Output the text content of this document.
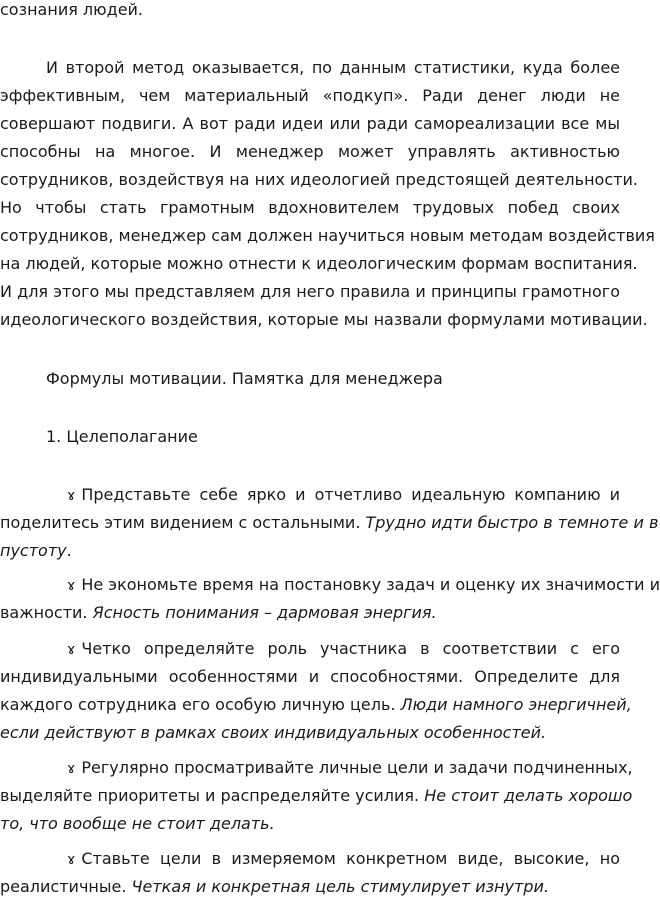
сознания людей.
И второй метод оказывается, по данным статистики, куда более
эффективным, чем материальный «подкуп». Ради денег люди не
совершают подвиги. А вот ради идеи или ради самореализации все мы
способны на многое. И менеджер может управлять активностью
сотрудников, воздействуя на них идеологией предстоящей деятельности.
Но чтобы стать грамотным вдохновителем трудовых побед своих
сотрудников, менеджер сам должен научиться новым методам воздействия
на людей, которые можно отнести к идеологическим формам воспитания.
И для этого мы представляем для него правила и принципы грамотного
идеологического воздействия, которые мы назвали формулами мотивации.
Формулы мотивации. Памятка для менеджера
1. Целеполагание
ɤ Представьте себе ярко и отчетливо идеальную компанию и
поделитесь этим видением с остальными. Трудно идти быстро в темноте и в
пустоту.
ɤ Не экономьте время на постановку задач и оценку их значимости и
важности. Ясность понимания – дармовая энергия.
ɤ Четко определяйте роль участника в соответствии с его
индивидуальными особенностями и способностями. Определите для
каждого сотрудника его особую личную цель. Люди намного энергичней,
если действуют в рамках своих индивидуальных особенностей.
ɤ Регулярно просматривайте личные цели и задачи подчиненных,
выделяйте приоритеты и распределяйте усилия. Не стоит делать хорошо
то, что вообще не стоит делать.
ɤ Ставьте цели в измеряемом конкретном виде, высокие, но
реалистичные. Четкая и конкретная цель стимулирует изнутри.
